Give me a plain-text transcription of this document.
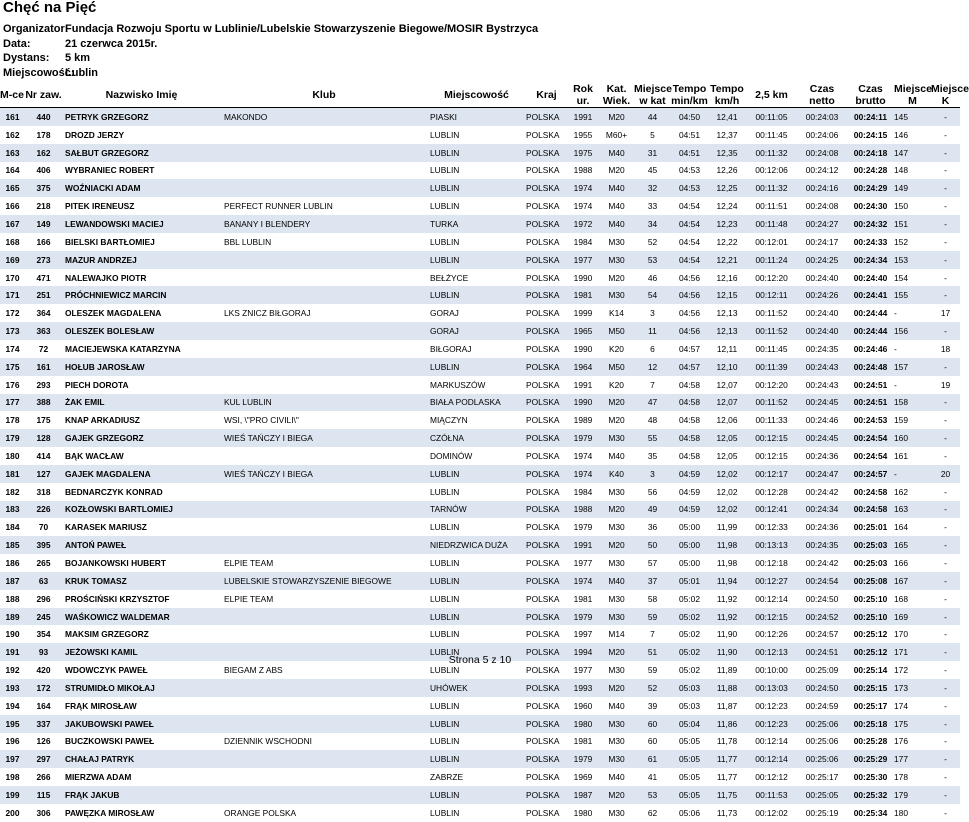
Chęć na Pięć
Organizator:Fundacja Rozwoju Sportu w Lublinie/Lubelskie Stowarzyszenie Biegowe/MOSIR Bystrzyca
Data:	21 czerwca 2015r.
Dystans: 5 km
Miejscowość:Lublin
M-ce	Nr zaw.	Nazwisko Imię	Klub	Miejscowość	Kraj	Rok ur.	Kat. Wiek.	Miejsce w kat	Tempo min/km	Tempo km/h	2,5 km	Czas netto	Czas brutto	Miejsce M	Miejsce K
161	440	PETRYK GRZEGORZ	MAKONDO	PIASKI	POLSKA	1991	M20	44	04:50	12,41	00:11:05	00:24:03	00:24:11	145	-
162	178	DROZD JERZY		LUBLIN	POLSKA	1955	M60+	5	04:51	12,37	00:11:45	00:24:06	00:24:15	146	-
163	162	SAŁBUT GRZEGORZ		LUBLIN	POLSKA	1975	M40	31	04:51	12,35	00:11:32	00:24:08	00:24:18	147	-
164	406	WYBRANIEC ROBERT		LUBLIN	POLSKA	1988	M20	45	04:53	12,26	00:12:06	00:24:12	00:24:28	148	-
165	375	WOŹNIACKI ADAM		LUBLIN	POLSKA	1974	M40	32	04:53	12,25	00:11:32	00:24:16	00:24:29	149	-
166	218	PITEK IRENEUSZ	PERFECT RUNNER LUBLIN	LUBLIN	POLSKA	1974	M40	33	04:54	12,24	00:11:51	00:24:08	00:24:30	150	-
167	149	LEWANDOWSKI MACIEJ	BANANY I BLENDERY	TURKA	POLSKA	1972	M40	34	04:54	12,23	00:11:48	00:24:27	00:24:32	151	-
168	166	BIELSKI BARTŁOMIEJ	BBL LUBLIN	LUBLIN	POLSKA	1984	M30	52	04:54	12,22	00:12:01	00:24:17	00:24:33	152	-
169	273	MAZUR ANDRZEJ		LUBLIN	POLSKA	1977	M30	53	04:54	12,21	00:11:24	00:24:25	00:24:34	153	-
170	471	NALEWAJKO PIOTR		BEŁŻYCE	POLSKA	1990	M20	46	04:56	12,16	00:12:20	00:24:40	00:24:40	154	-
171	251	PRÓCHNIEWICZ MARCIN		LUBLIN	POLSKA	1981	M30	54	04:56	12,15	00:12:11	00:24:26	00:24:41	155	-
172	364	OLESZEK MAGDALENA	LKS ZNICZ BIŁGORAJ	GORAJ	POLSKA	1999	K14	3	04:56	12,13	00:11:52	00:24:40	00:24:44	-	17
173	363	OLESZEK BOLESŁAW		GORAJ	POLSKA	1965	M50	11	04:56	12,13	00:11:52	00:24:40	00:24:44	156	-
174	72	MACIEJEWSKA KATARZYNA		BIŁGORAJ	POLSKA	1990	K20	6	04:57	12,11	00:11:45	00:24:35	00:24:46	-	18
175	161	HOŁUB JAROSŁAW		LUBLIN	POLSKA	1964	M50	12	04:57	12,10	00:11:39	00:24:43	00:24:48	157	-
176	293	PIECH DOROTA		MARKUSZÓW	POLSKA	1991	K20	7	04:58	12,07	00:12:20	00:24:43	00:24:51	-	19
177	388	ŻAK EMIL	KUL LUBLIN	BIAŁA PODLASKA	POLSKA	1990	M20	47	04:58	12,07	00:11:52	00:24:45	00:24:51	158	-
178	175	KNAP ARKADIUSZ	WSI, \"PRO CIVILI\"	MIĄCZYN	POLSKA	1989	M20	48	04:58	12,06	00:11:33	00:24:46	00:24:53	159	-
179	128	GAJEK GRZEGORZ	WIEŚ TAŃCZY I BIEGA	CZÓŁNA	POLSKA	1979	M30	55	04:58	12,05	00:12:15	00:24:45	00:24:54	160	-
180	414	BĄK WACŁAW		DOMINÓW	POLSKA	1974	M40	35	04:58	12,05	00:12:15	00:24:36	00:24:54	161	-
181	127	GAJEK MAGDALENA	WIEŚ TAŃCZY I BIEGA	LUBLIN	POLSKA	1974	K40	3	04:59	12,02	00:12:17	00:24:47	00:24:57	-	20
182	318	BEDNARCZYK KONRAD		LUBLIN	POLSKA	1984	M30	56	04:59	12,02	00:12:28	00:24:42	00:24:58	162	-
183	226	KOZŁOWSKI BARTLOMIEJ		TARNÓW	POLSKA	1988	M20	49	04:59	12,02	00:12:41	00:24:34	00:24:58	163	-
184	70	KARASEK MARIUSZ		LUBLIN	POLSKA	1979	M30	36	05:00	11,99	00:12:33	00:24:36	00:25:01	164	-
185	395	ANTOŃ PAWEŁ		NIEDRZWICA DUŻA	POLSKA	1991	M20	50	05:00	11,98	00:13:13	00:24:35	00:25:03	165	-
186	265	BOJANKOWSKI HUBERT	ELPIE TEAM	LUBLIN	POLSKA	1977	M30	57	05:00	11,98	00:12:18	00:24:42	00:25:03	166	-
187	63	KRUK TOMASZ	LUBELSKIE STOWARZYSZENIE BIEGOWE	LUBLIN	POLSKA	1974	M40	37	05:01	11,94	00:12:27	00:24:54	00:25:08	167	-
188	296	PROŚCIŃSKI KRZYSZTOF	ELPIE TEAM	LUBLIN	POLSKA	1981	M30	58	05:02	11,92	00:12:14	00:24:50	00:25:10	168	-
189	245	WAŚKOWICZ WALDEMAR		LUBLIN	POLSKA	1979	M30	59	05:02	11,92	00:12:15	00:24:52	00:25:10	169	-
190	354	MAKSIM GRZEGORZ		LUBLIN	POLSKA	1997	M14	7	05:02	11,90	00:12:26	00:24:57	00:25:12	170	-
191	93	JEŻOWSKI KAMIL		LUBLIN	POLSKA	1994	M20	51	05:02	11,90	00:12:13	00:24:51	00:25:12	171	-
192	420	WDOWCZYK PAWEŁ	BIEGAM Z ABS	LUBLIN	POLSKA	1977	M30	59	05:02	11,89	00:10:00	00:25:09	00:25:14	172	-
193	172	STRUMIDŁO MIKOŁAJ		UHÓWEK	POLSKA	1993	M20	52	05:03	11,88	00:13:03	00:24:50	00:25:15	173	-
194	164	FRĄK MIROSŁAW		LUBLIN	POLSKA	1960	M40	39	05:03	11,87	00:12:23	00:24:59	00:25:17	174	-
195	337	JAKUBOWSKI PAWEŁ		LUBLIN	POLSKA	1980	M30	60	05:04	11,86	00:12:23	00:25:06	00:25:18	175	-
196	126	BUCZKOWSKI PAWEŁ	DZIENNIK WSCHODNI	LUBLIN	POLSKA	1981	M30	60	05:05	11,78	00:12:14	00:25:06	00:25:28	176	-
197	297	CHAŁAJ PATRYK		LUBLIN	POLSKA	1979	M30	61	05:05	11,77	00:12:14	00:25:06	00:25:29	177	-
198	266	MIERZWA ADAM		ZABRZE	POLSKA	1969	M40	41	05:05	11,77	00:12:12	00:25:17	00:25:30	178	-
199	115	FRĄK JAKUB		LUBLIN	POLSKA	1987	M20	53	05:05	11,75	00:11:53	00:25:05	00:25:32	179	-
200	306	PAWĘZKA MIROSŁAW	ORANGE POLSKA	LUBLIN	POLSKA	1980	M30	62	05:06	11,73	00:12:02	00:25:19	00:25:34	180	-
Strona 5 z 10
